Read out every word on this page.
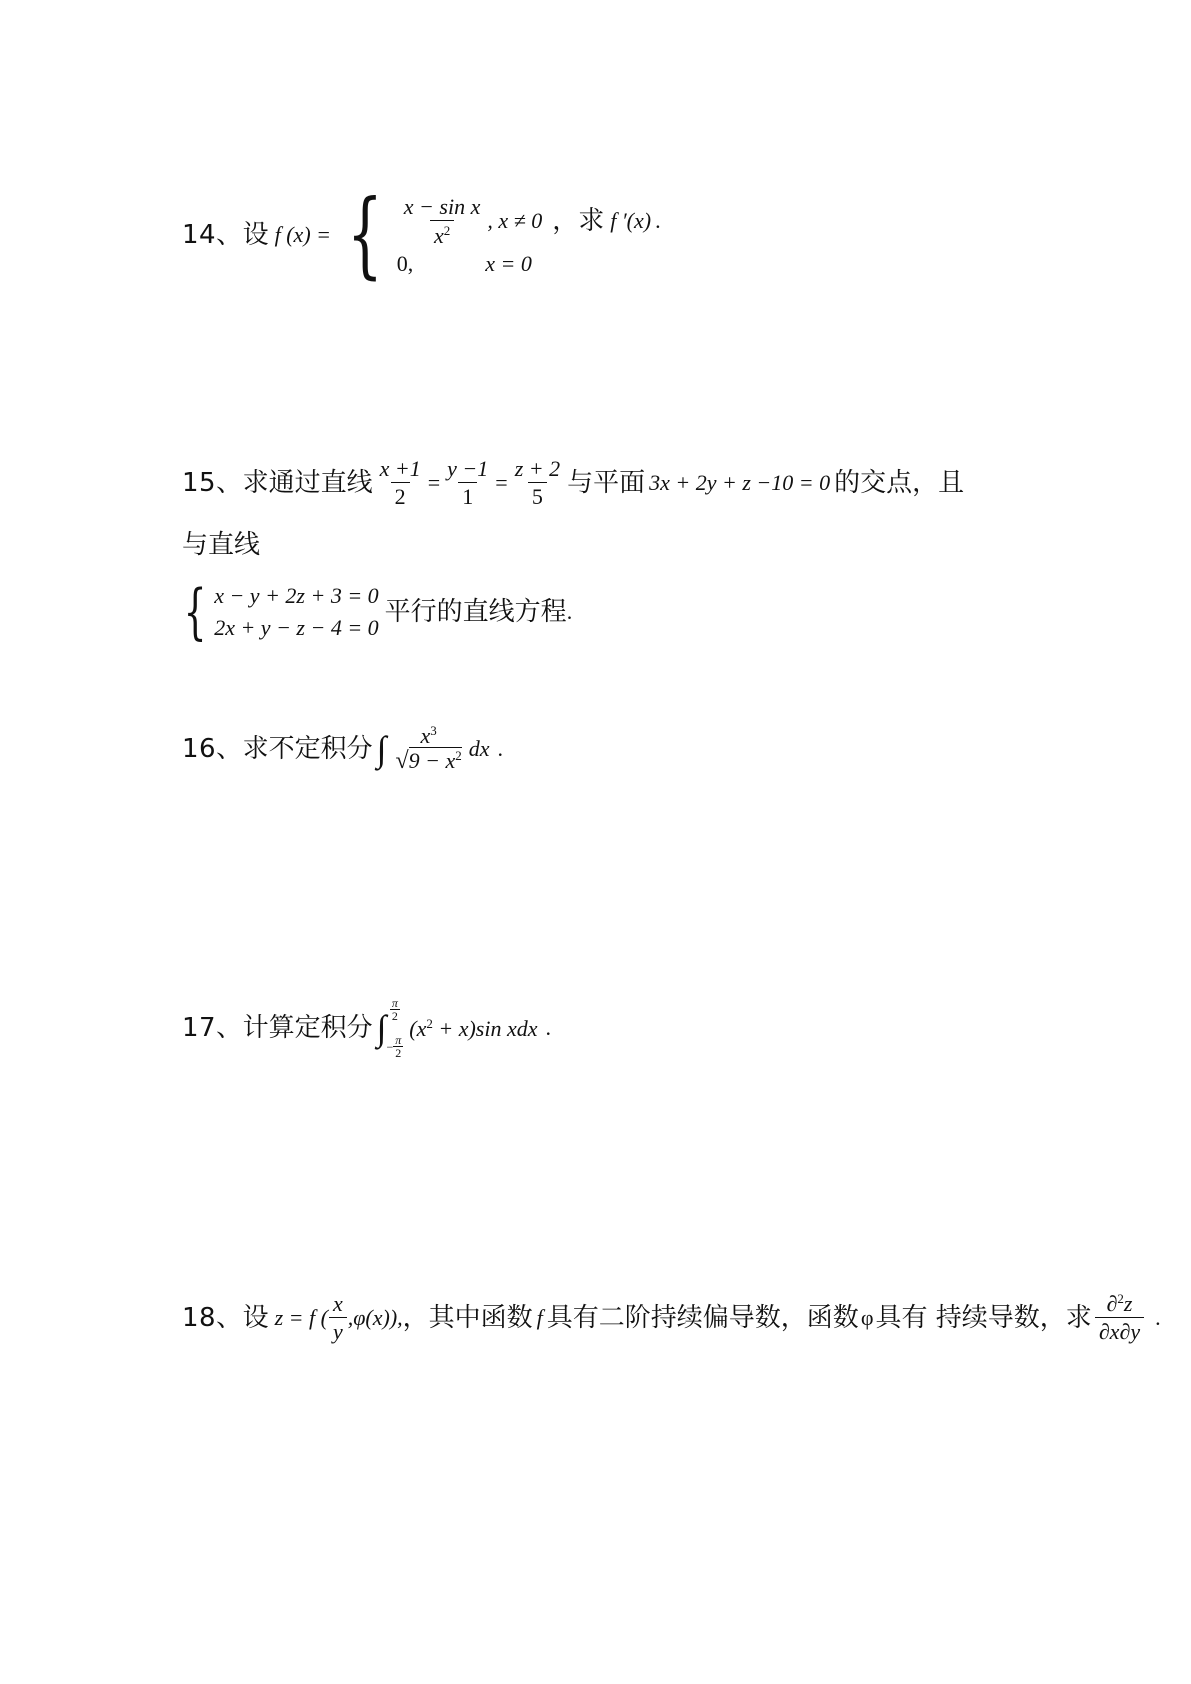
14、 设 f (x) = { $\frac{\text{x − sin x}}{x^2}$ , x ≠ 0 ，求 f ′(x) .
0,	x = 0
15、 求通过直线 $\frac{x +1}{2} = \frac{y -1}{1} = \frac{z + 2}{5}$ 与平面 3x + 2y + z −10 = 0 的交点，且
与直线
{ x − y + 2z + 3 = 0
2x + y − z − 4 = 0
平行的直线方程 .
16、 求不定积分 ∫ $x^3$
$√9 - x^2$ dx .
17、 计算定积分 ∫ $\frac{\pi}{2}$
− $\frac{\pi}{2}$
$(x^2 + x)\sin$ xdx .
18、 设 z = f ( $\frac{x}{y} ,\varphi(x)$), ，其中函数 f 具有二阶持续偏导数，函数 φ 具有
持续导数，求 $\frac{\partial^2z}{\partial x\partial y}$ .
